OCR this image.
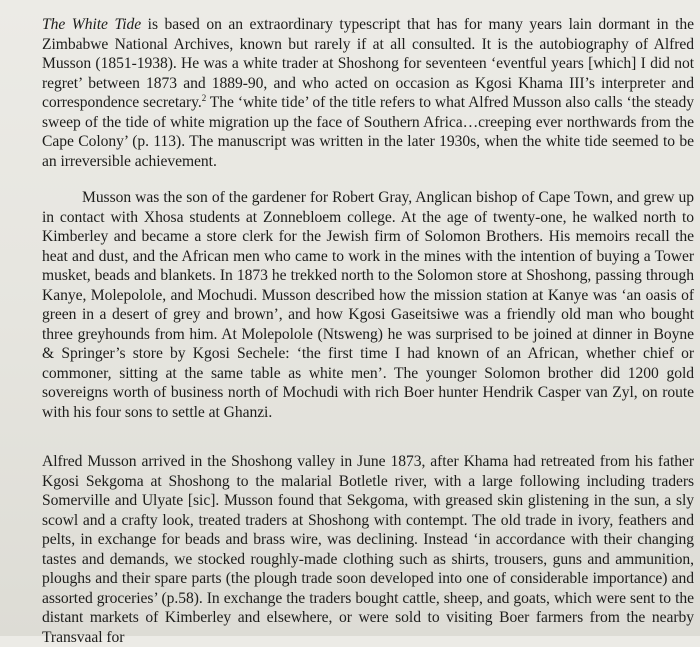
The White Tide is based on an extraordinary typescript that has for many years lain dormant in the Zimbabwe National Archives, known but rarely if at all consulted. It is the autobiography of Alfred Musson (1851-1938). He was a white trader at Shoshong for seventeen ‘eventful years [which] I did not regret’ between 1873 and 1889-90, and who acted on occasion as Kgosi Khama III’s interpreter and correspondence secretary.$^2$ The ‘white tide’ of the title refers to what Alfred Musson also calls ‘the steady sweep of the tide of white migration up the face of Southern Africa…creeping ever northwards from the Cape Colony’ (p. 113). The manuscript was written in the later 1930s, when the white tide seemed to be an irreversible achievement.

Musson was the son of the gardener for Robert Gray, Anglican bishop of Cape Town, and grew up in contact with Xhosa students at Zonnebloem college. At the age of twenty-one, he walked north to Kimberley and became a store clerk for the Jewish firm of Solomon Brothers. His memoirs recall the heat and dust, and the African men who came to work in the mines with the intention of buying a Tower musket, beads and blankets. In 1873 he trekked north to the Solomon store at Shoshong, passing through Kanye, Molepolole, and Mochudi. Musson described how the mission station at Kanye was ‘an oasis of green in a desert of grey and brown’, and how Kgosi Gaseitsiwe was a friendly old man who bought three greyhounds from him. At Molepolole (Ntsweng) he was surprised to be joined at dinner in Boyne & Springer’s store by Kgosi Sechele: ‘the first time I had known of an African, whether chief or commoner, sitting at the same table as white men’. The younger Solomon brother did 1200 gold sovereigns worth of business north of Mochudi with rich Boer hunter Hendrik Casper van Zyl, on route with his four sons to settle at Ghanzi.

Alfred Musson arrived in the Shoshong valley in June 1873, after Khama had retreated from his father Kgosi Sekgoma at Shoshong to the malarial Botletle river, with a large following including traders Somerville and Ulyate [sic]. Musson found that Sekgoma, with greased skin glistening in the sun, a sly scowl and a crafty look, treated traders at Shoshong with contempt. The old trade in ivory, feathers and pelts, in exchange for beads and brass wire, was declining. Instead ‘in accordance with their changing tastes and demands, we stocked roughly-made clothing such as shirts, trousers, guns and ammunition, ploughs and their spare parts (the plough trade soon developed into one of considerable importance) and assorted groceries’ (p.58). In exchange the traders bought cattle, sheep, and goats, which were sent to the distant markets of Kimberley and elsewhere, or were sold to visiting Boer farmers from the nearby Transvaal for
